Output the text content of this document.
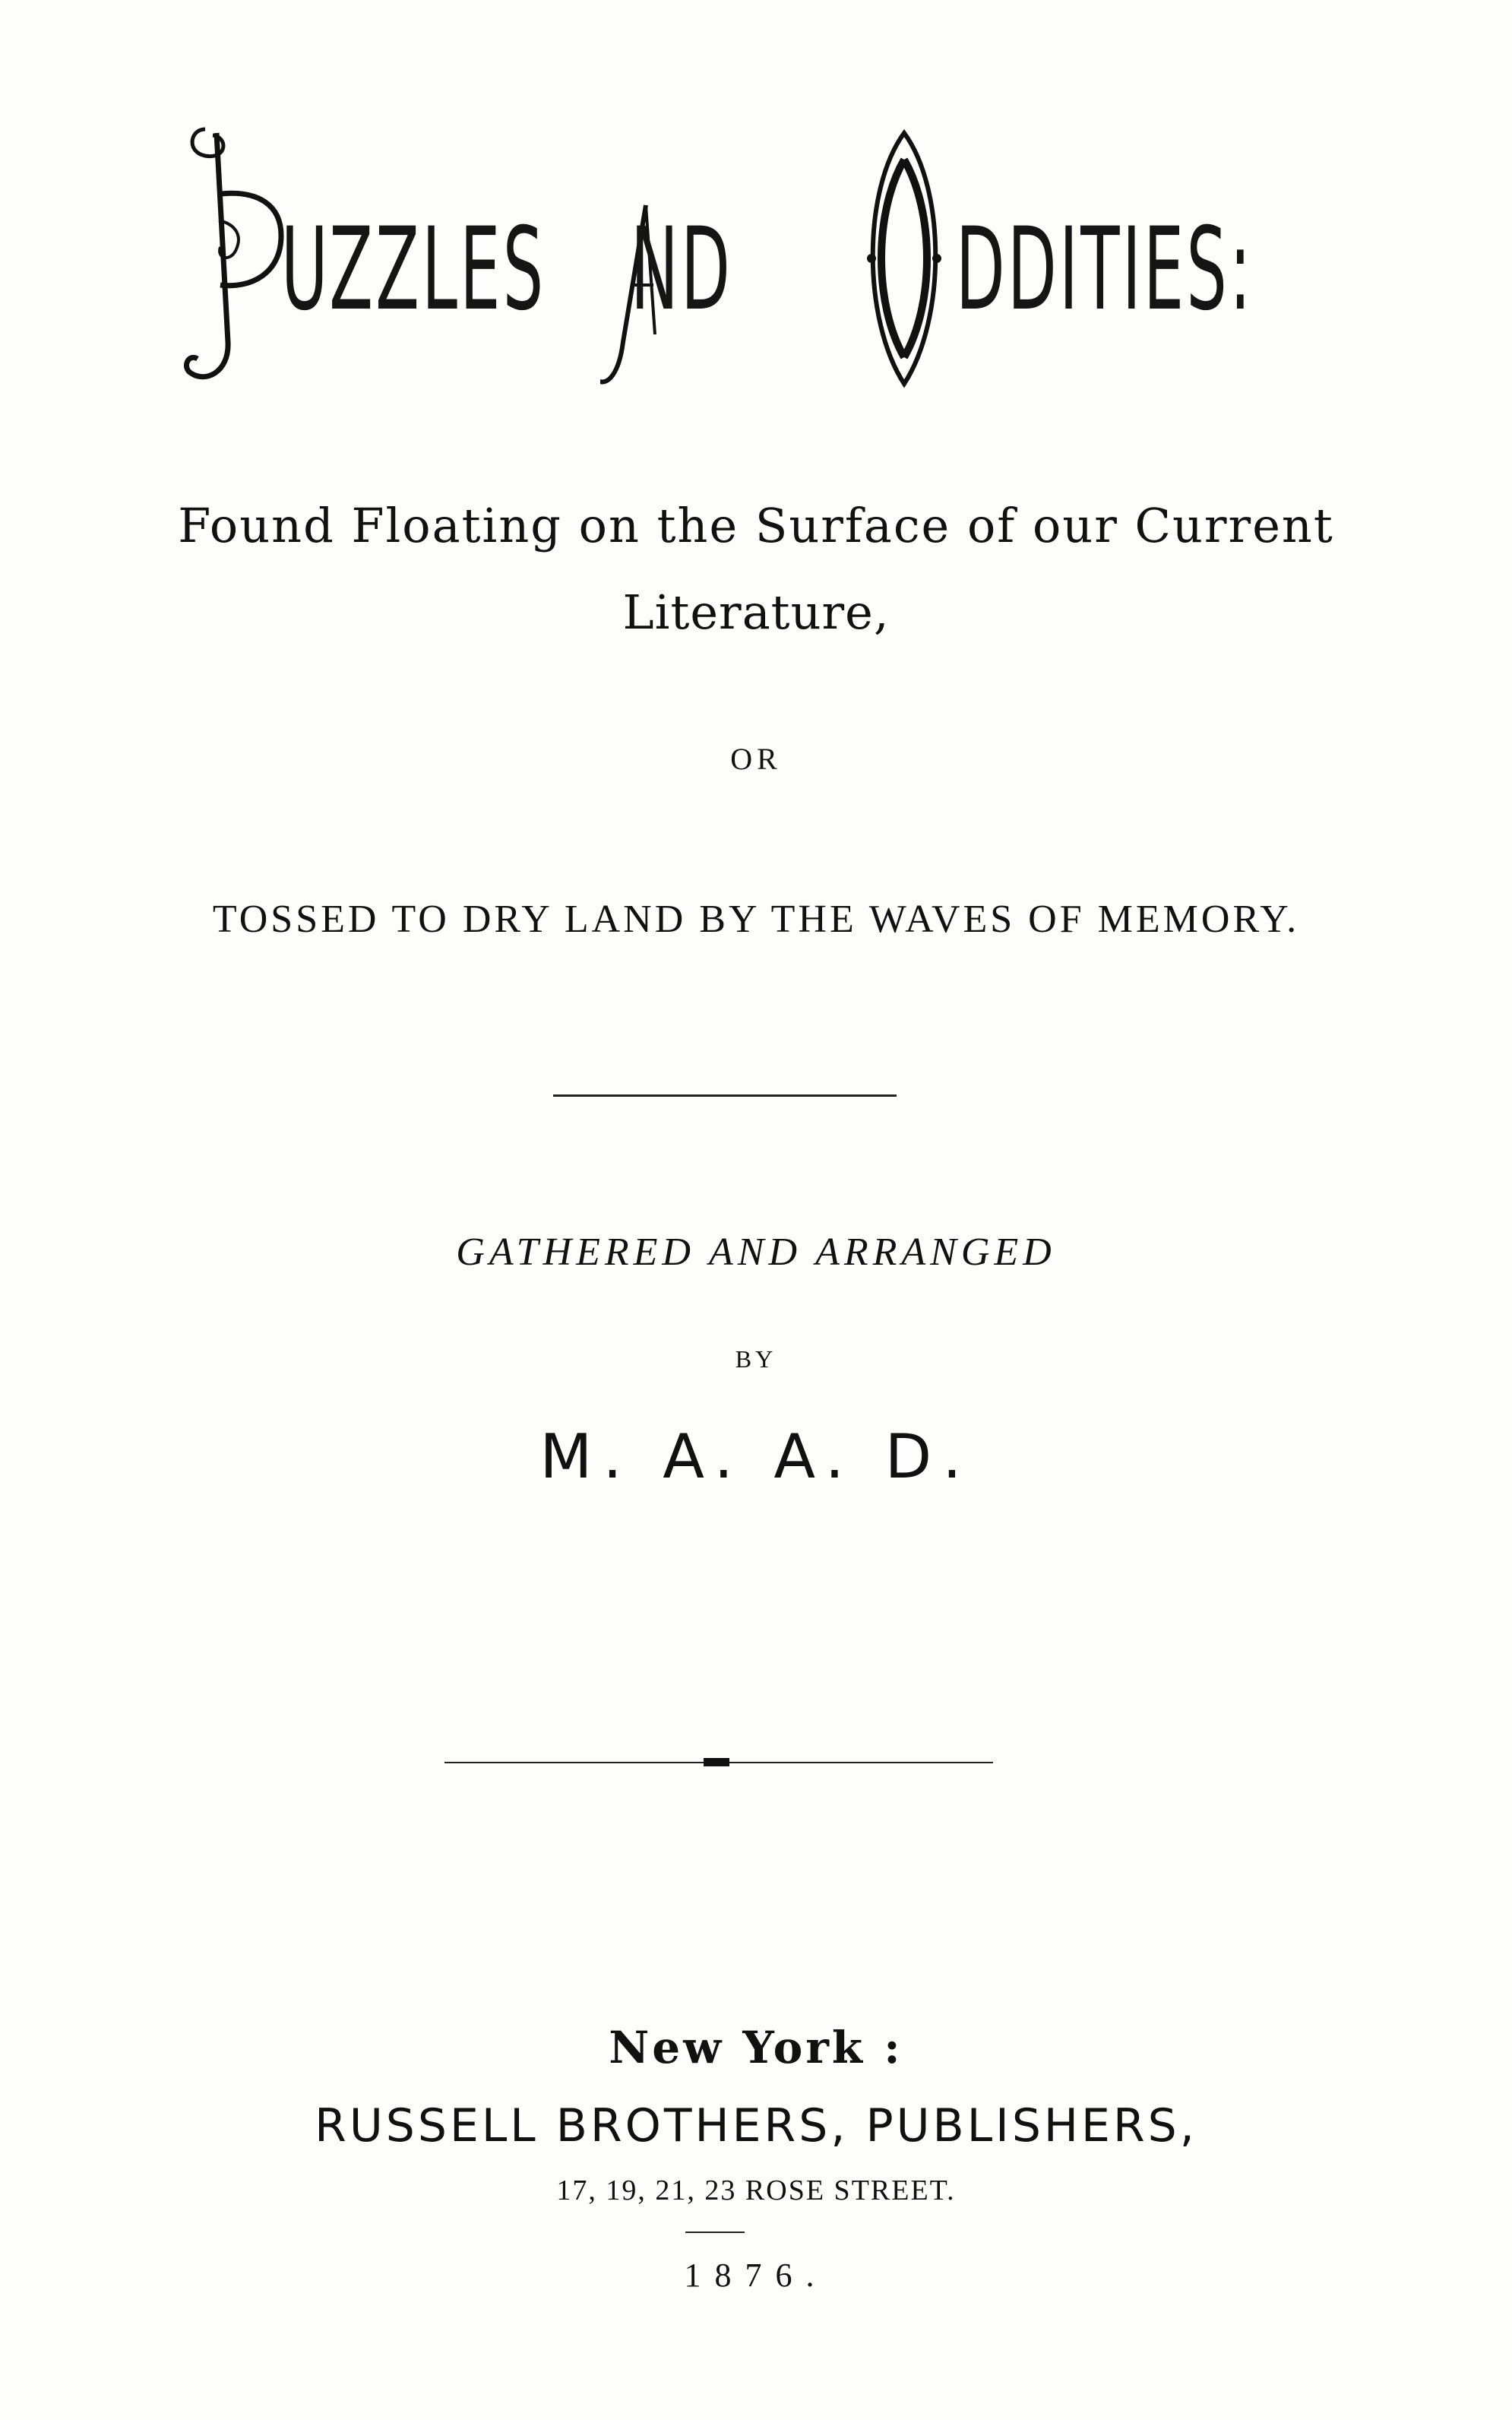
UZZLES ND DDITIES:
Found Floating on the Surface of our Current
Literature,
OR
TOSSED TO DRY LAND BY THE WAVES OF MEMORY.
GATHERED AND ARRANGED
BY
M. A. A. D.
New York :
RUSSELL BROTHERS, PUBLISHERS,
17, 19, 21, 23 ROSE STREET.
1876.
